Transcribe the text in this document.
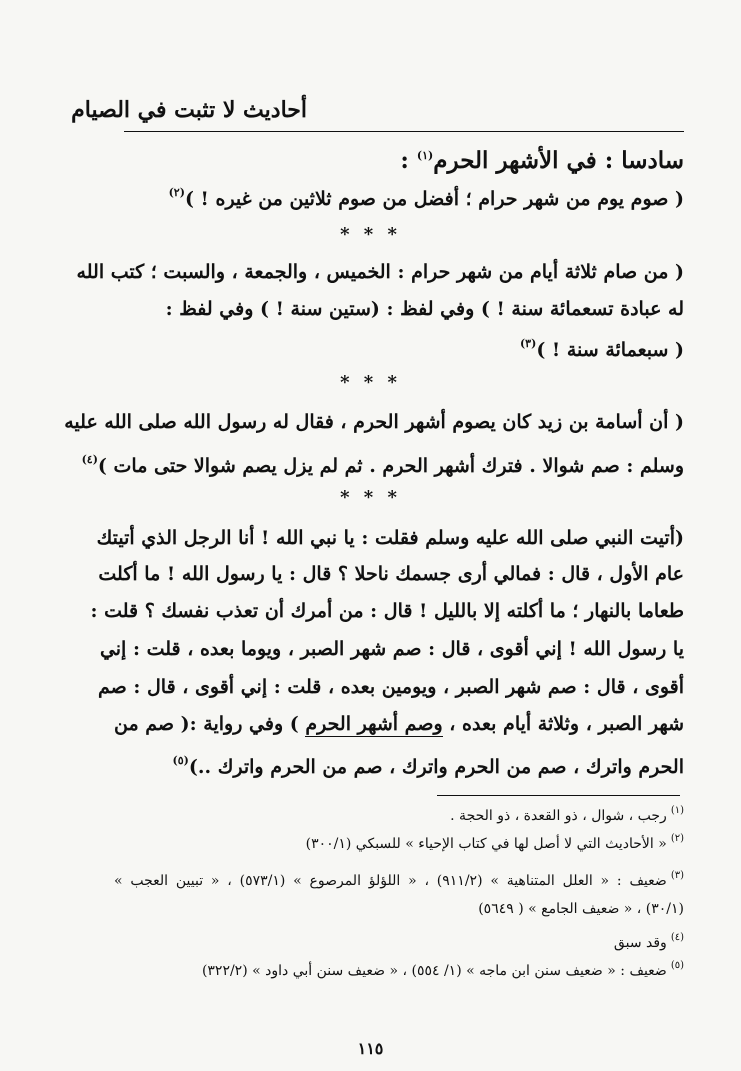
أحاديث لا تثبت في الصيام
سادسا : في الأشهر الحرم$^{(١)}$ :
( صوم يوم من شهر حرام ؛ أفضل من صوم ثلاثين من غيره ! )$^{(٢)}$
* * *
( من صام ثلاثة أيام من شهر حرام : الخميس ، والجمعة ، والسبت ؛ كتب الله
له عبادة تسعمائة سنة ! ) وفي لفظ : (ستين سنة ! ) وفي لفظ :
( سبعمائة سنة ! )$^{(٣)}$
* * *
( أن أسامة بن زيد كان يصوم أشهر الحرم ، فقال له رسول الله صلى الله عليه
وسلم : صم شوالا . فترك أشهر الحرم . ثم لم يزل يصم شوالا حتى مات )$^{(٤)}$
* * *
(أتيت النبي صلى الله عليه وسلم فقلت : يا نبي الله ! أنا الرجل الذي أتيتك
عام الأول ، قال : فمالي أرى جسمك ناحلا ؟ قال : يا رسول الله ! ما أكلت
طعاما بالنهار ؛ ما أكلته إلا بالليل ! قال : من أمرك أن تعذب نفسك ؟ قلت :
يا رسول الله ! إني أقوى ، قال : صم شهر الصبر ، ويوما بعده ، قلت : إني
أقوى ، قال : صم شهر الصبر ، ويومين بعده ، قلت : إني أقوى ، قال : صم
شهر الصبر ، وثلاثة أيام بعده ، وصم أشهر الحرم ) وفي رواية :( صم من
الحرم واترك ، صم من الحرم واترك ، صم من الحرم واترك ..)$^{(٥)}$
$^{(١)}$رجب ، شوال ، ذو القعدة ، ذو الحجة .
$^{(٢)}$« الأحاديث التي لا أصل لها في كتاب الإحياء » للسبكي (٣٠٠/١)
$^{(٣)}$ضعيف : « العلل المتناهية » (٩١١/٢) ، « اللؤلؤ المرصوع » (٥٧٣/١) ، « تبيين العجب »
(٣٠/١) ، « ضعيف الجامع » ( ٥٦٤٩)
$^{(٤)}$وقد سبق
$^{(٥)}$ضعيف : « ضعيف سنن ابن ماجه » (١/ ٥٥٤) ، « ضعيف سنن أبي داود » (٣٢٢/٢)
١١٥
